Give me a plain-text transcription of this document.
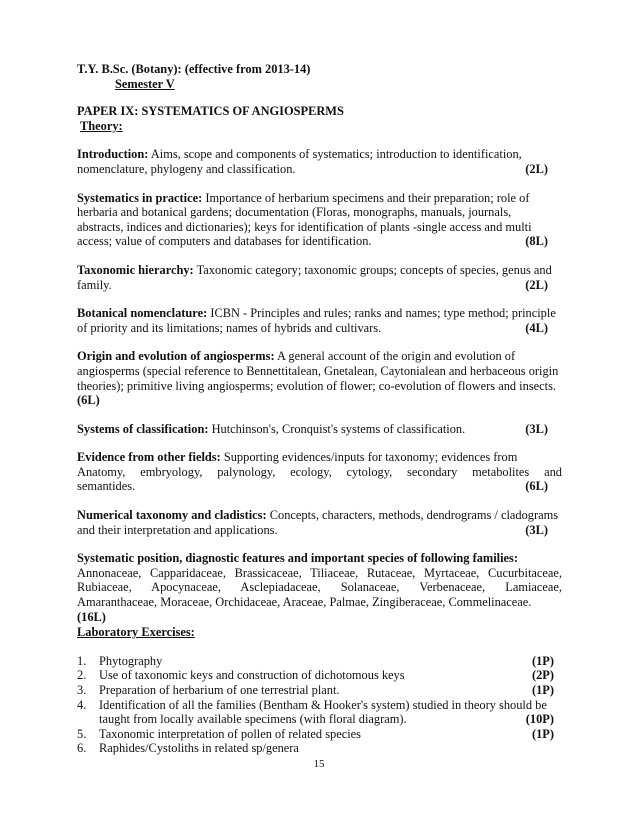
T.Y. B.Sc. (Botany): (effective from 2013-14)

Semester V

PAPER IX: SYSTEMATICS OF ANGIOSPERMS

Theory:

Introduction: Aims, scope and components of systematics; introduction to identification,
nomenclature, phylogeny and classification.	(2L)
Systematics in practice: Importance of herbarium specimens and their preparation; role of
herbaria and botanical gardens; documentation (Floras, monographs, manuals, journals,
abstracts, indices and dictionaries); keys for identification of plants -single access and multi
access; value of computers and databases for identification.	(8L)
Taxonomic hierarchy: Taxonomic category; taxonomic groups; concepts of species, genus and
family.	(2L)
Botanical nomenclature: ICBN - Principles and rules; ranks and names; type method; principle
of priority and its limitations; names of hybrids and cultivars.	(4L)
Origin and evolution of angiosperms: A general account of the origin and evolution of
angiosperms (special reference to Bennettitalean, Gnetalean, Caytonialean and herbaceous origin
theories); primitive living angiosperms; evolution of flower; co-evolution of flowers and insects.
(6L)
Systems of classification: Hutchinson's, Cronquist's systems of classification.	(3L)
Evidence from other fields: Supporting evidences/inputs for taxonomy; evidences from
Anatomy, embryology, palynology, ecology, cytology, secondary metabolites and
semantides.	(6L)
Numerical taxonomy and cladistics: Concepts, characters, methods, dendrograms / cladograms
and their interpretation and applications.	(3L)
Systematic position, diagnostic features and important species of following families:
Annonaceae, Capparidaceae, Brassicaceae, Tiliaceae, Rutaceae, Myrtaceae, Cucurbitaceae,
Rubiaceae, Apocynaceae, Asclepiadaceae, Solanaceae, Verbenaceae, Lamiaceae,
Amaranthaceae, Moraceae, Orchidaceae, Araceae, Palmae, Zingiberaceae, Commelinaceae.
(16L)

Laboratory Exercises:

1. Phytography	(1P)
2. Use of taxonomic keys and construction of dichotomous keys	(2P)
3. Preparation of herbarium of one terrestrial plant.	(1P)
4. Identification of all the families (Bentham & Hooker's system) studied in theory should be
taught from locally available specimens (with floral diagram).	(10P)
5. Taxonomic interpretation of pollen of related species	(1P)
6. Raphides/Cystoliths in related sp/genera
15
